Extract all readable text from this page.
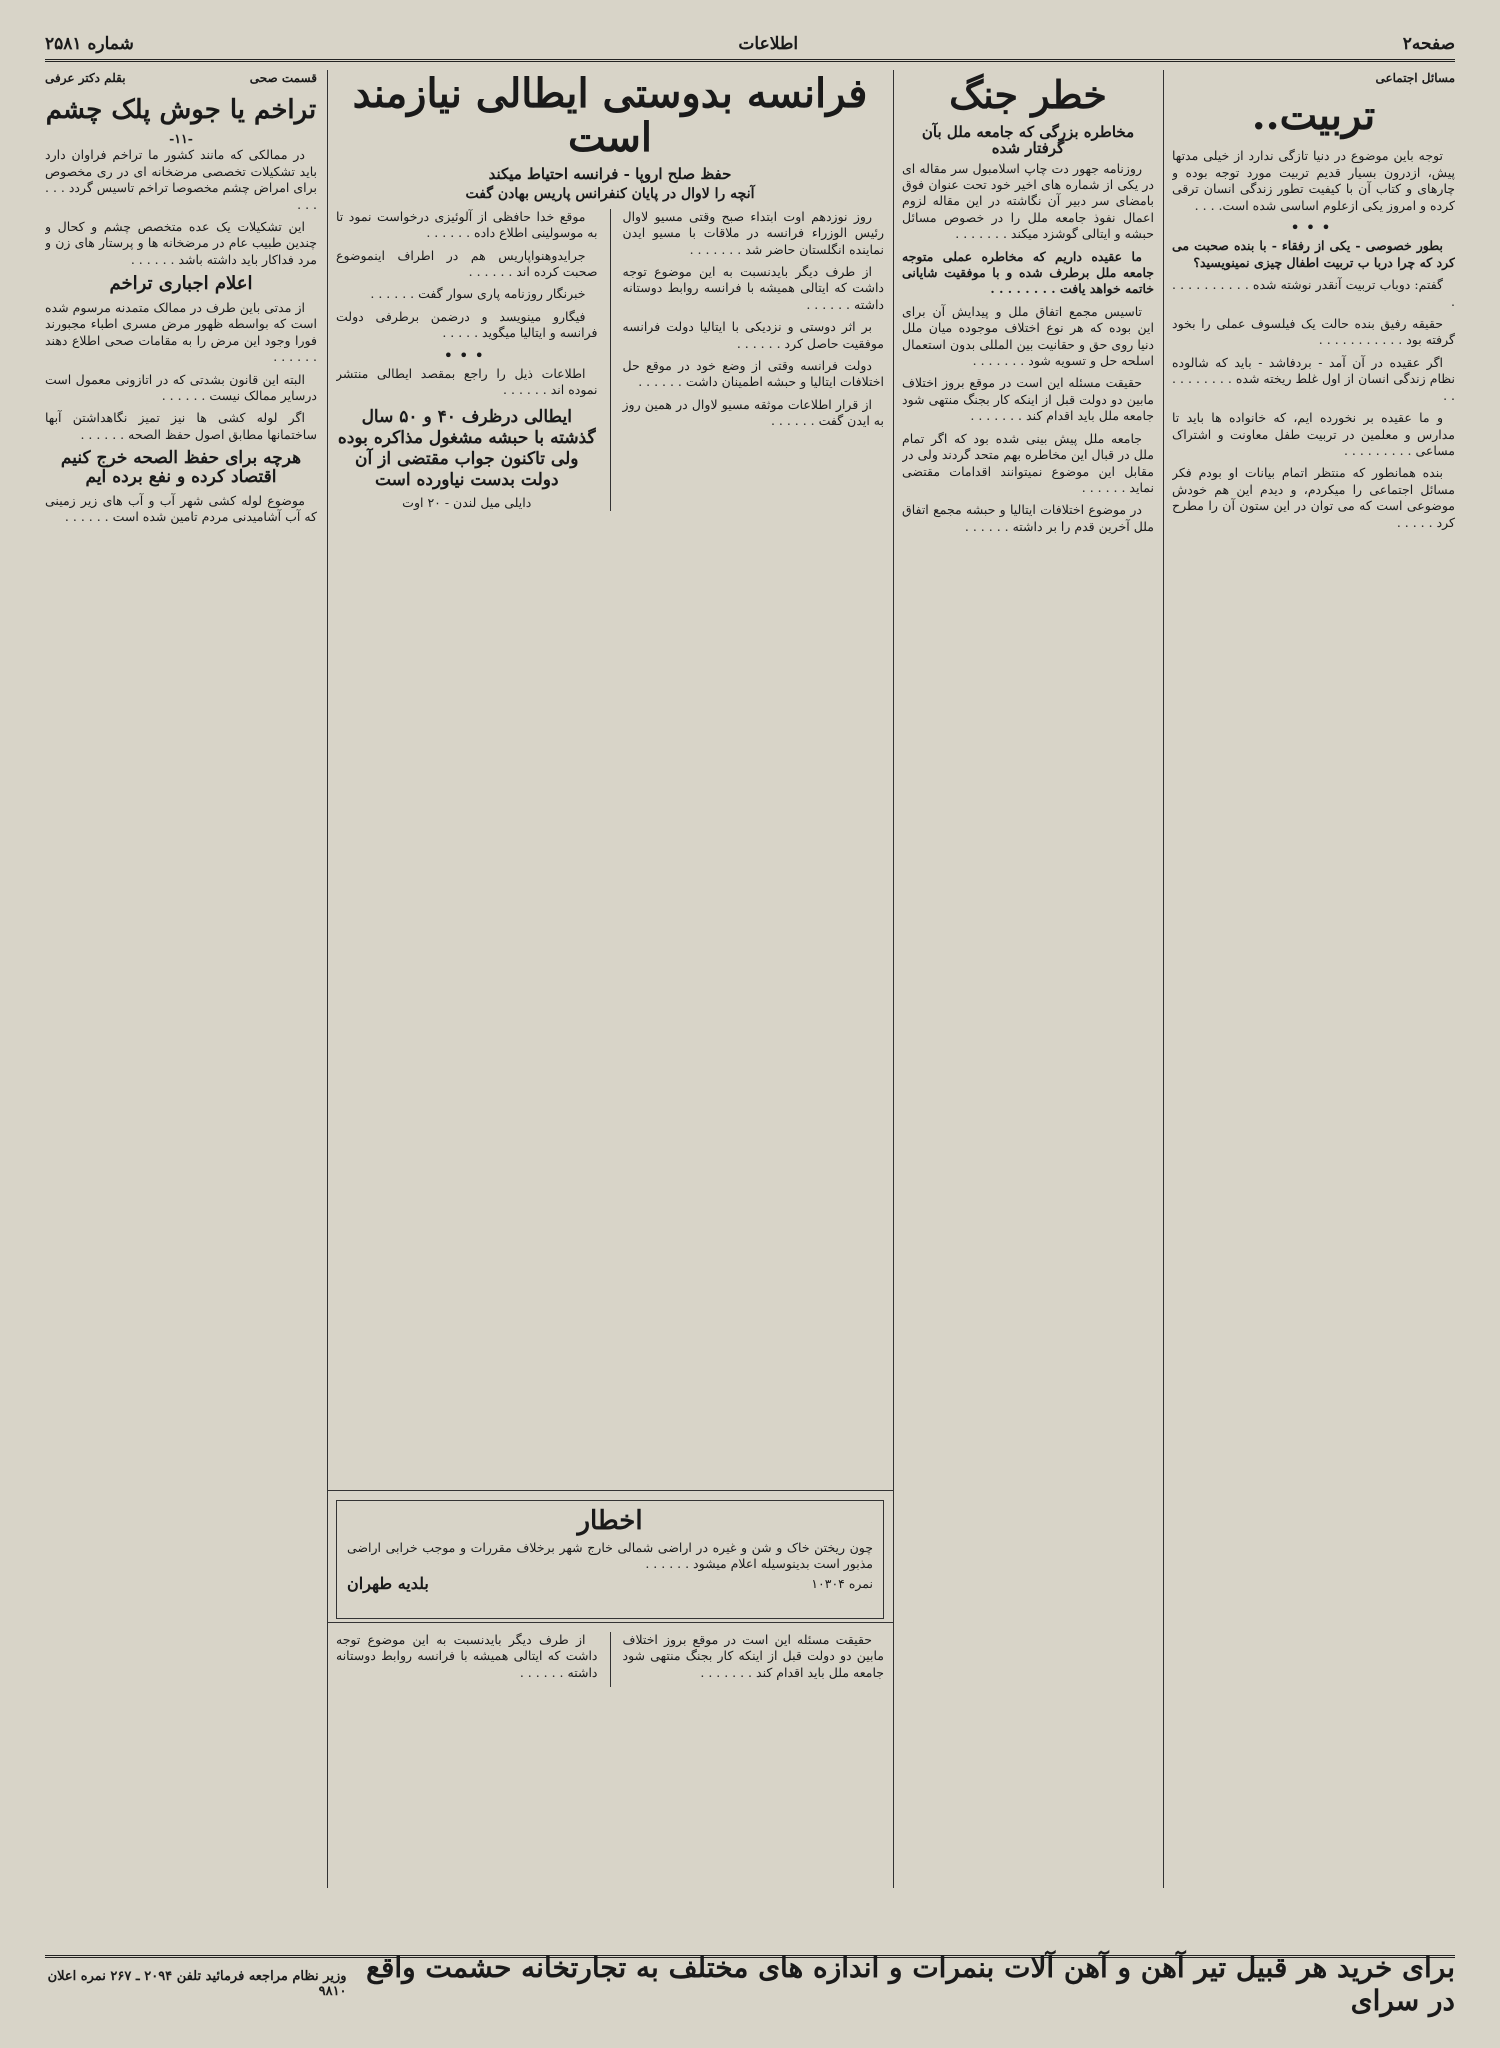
صفحه۲
اطلاعات
شماره ۲۵۸۱
مسائل اجتماعی
تربیت..

توجه باین موضوع در دنیا تازگی ندارد از خیلی مدتها پیش، ازدرون بسیار قدیم تربیت مورد توجه بوده و چارهای و کتاب آن با کیفیت تطور زندگی انسان ترقی کرده و امروز یکی ازعلوم اساسی شده است. . . .

•••

بطور خصوصی - یکی از رفقاء - با بنده صحبت می کرد که چرا دربا ب تربیت اطفال چیزی نمینویسید؟

گفتم: دوباب تربیت آنقدر نوشته شده . . . . . . . . . . .

حقیقه رفیق بنده حالت یک فیلسوف عملی را بخود گرفته بود . . . . . . . . . . .

اگر عقیده در آن آمد - بردفاشد - باید که شالوده نظام زندگی انسان از اول غلط ریخته شده . . . . . . . . . .

و ما عقیده بر نخورده ایم، که خانواده ها باید تا مدارس و معلمین در تربیت طفل معاونت و اشتراک مساعی . . . . . . . . .

بنده همانطور که منتظر اتمام بیانات او بودم فکر مسائل اجتماعی را میکردم، و دیدم این هم خودش موضوعی است که می توان در این ستون آن را مطرح کرد . . . . .

خطر جنگ
مخاطره بزرگی که جامعه ملل بآن گرفتار شده

روزنامه جهور دت چاپ اسلامبول سر مقاله ای در یکی از شماره های اخیر خود تحت عنوان فوق بامضای سر دبیر آن نگاشته در این مقاله لزوم اعمال نفوذ جامعه ملل را در خصوص مسائل حبشه و ایتالی گوشزد میکند . . . . . . .

ما عقیده داریم که مخاطره عملی متوجه جامعه ملل برطرف شده و با موفقیت شایانی خاتمه خواهد یافت . . . . . . . .

تاسیس مجمع اتفاق ملل و پیدایش آن برای این بوده که هر نوع اختلاف موجوده میان ملل دنیا روی حق و حقانیت بین المللی بدون استعمال اسلحه حل و تسویه شود . . . . . . .

حقیقت مسئله این است در موقع بروز اختلاف مابین دو دولت قبل از اینکه کار بجنگ منتهی شود جامعه ملل باید اقدام کند . . . . . . .

جامعه ملل پیش بینی شده بود که اگر تمام ملل در قبال این مخاطره بهم متحد گردند ولی در مقابل این موضوع نمیتوانند اقدامات مقتضی نماید . . . . . .

در موضوع اختلافات ایتالیا و حبشه مجمع اتفاق ملل آخرین قدم را بر داشته . . . . . .

فرانسه بدوستی ایطالی نیازمند است
حفظ صلح اروپا - فرانسه احتیاط میکند
آنچه را لاوال در پایان کنفرانس پاریس بهادن گفت

روز نوزدهم اوت ابتداء صبح وقتی مسیو لاوال رئیس الوزراء فرانسه در ملاقات با مسیو ایدن نماینده انگلستان حاضر شد . . . . . . .

از طرف دیگر بایدنسبت به این موضوع توجه داشت که ایتالی همیشه با فرانسه روابط دوستانه داشته . . . . . .

بر اثر دوستی و نزدیکی با ایتالیا دولت فرانسه موفقیت حاصل کرد . . . . . .

دولت فرانسه وقتی از وضع خود در موقع حل اختلافات ایتالیا و حبشه اطمینان داشت . . . . . .

از قرار اطلاعات موثقه مسیو لاوال در همین روز به ایدن گفت . . . . . .

موقع خدا حافظی از آلوئیزی درخواست نمود تا به موسولینی اطلاع داده . . . . . .

جرایدوهنواپاریس هم در اطراف اینموضوع صحبت کرده اند . . . . . .

خبرنگار روزنامه پاری سوار گفت . . . . . .

فیگارو مینویسد و درضمن برطرفی دولت فرانسه و ایتالیا میگوید . . . . .

•••

اطلاعات ذیل را راجع بمقصد ایطالی منتشر نموده اند . . . . . .

ایطالی درظرف ۴۰ و ۵۰ سال گذشته با حبشه مشغول مذاکره بوده ولی تاکنون جواب مقتضی از آن دولت بدست نیاورده است
دایلی میل لندن - ۲۰ اوت
اخطار
چون ریختن خاک و شن و غیره در اراضی شمالی خارج شهر برخلاف مقررات و موجب خرابی اراضی مذبور است بدینوسیله اعلام میشود . . . . . .
نمره ۱۰۳۰۴
بلدیه طهران
قسمت صحی
بقلم دکتر عرفی
تراخم یا جوش پلک چشم
-۱۱-

در ممالکی که مانند کشور ما تراخم فراوان دارد باید تشکیلات تخصصی مرضخانه ای در ری مخصوص برای امراض چشم مخصوصا تراخم تاسیس گردد . . . . . .

این تشکیلات یک عده متخصص چشم و کحال و چندین طبیب عام در مرضخانه ها و پرستار های زن و مرد فداکار باید داشته باشد . . . . . .

اعلام اجباری تراخم

از مدتی باین طرف در ممالک متمدنه مرسوم شده است که بواسطه ظهور مرض مسری اطباء مجبورند فورا وجود این مرض را به مقامات صحی اطلاع دهند . . . . . .

البته این قانون بشدتی که در اتازونی معمول است درسایر ممالک نیست . . . . . .

اگر لوله کشی ها نیز تمیز نگاهداشتن آبها ساختمانها مطابق اصول حفظ الصحه . . . . . .

هرچه برای حفظ الصحه خرج کنیم اقتصاد کرده و نفع برده ایم

موضوع لوله کشی شهر آب و آب های زیر زمینی که آب آشامیدنی مردم تامین شده است . . . . . .

حقیقت مسئله این است در موقع بروز اختلاف مابین دو دولت قبل از اینکه کار بجنگ منتهی شود جامعه ملل باید اقدام کند . . . . . . .

از طرف دیگر بایدنسبت به این موضوع توجه داشت که ایتالی همیشه با فرانسه روابط دوستانه داشته . . . . . .

برای خرید هر قبیل تیر آهن و آهن آلات بنمرات و اندازه های مختلف به تجارتخانه حشمت واقع در سرای
وزیر نظام مراجعه فرمائید تلفن ۲۰۹۴ ـ ۲۶۷ نمره اعلان ۹۸۱۰
